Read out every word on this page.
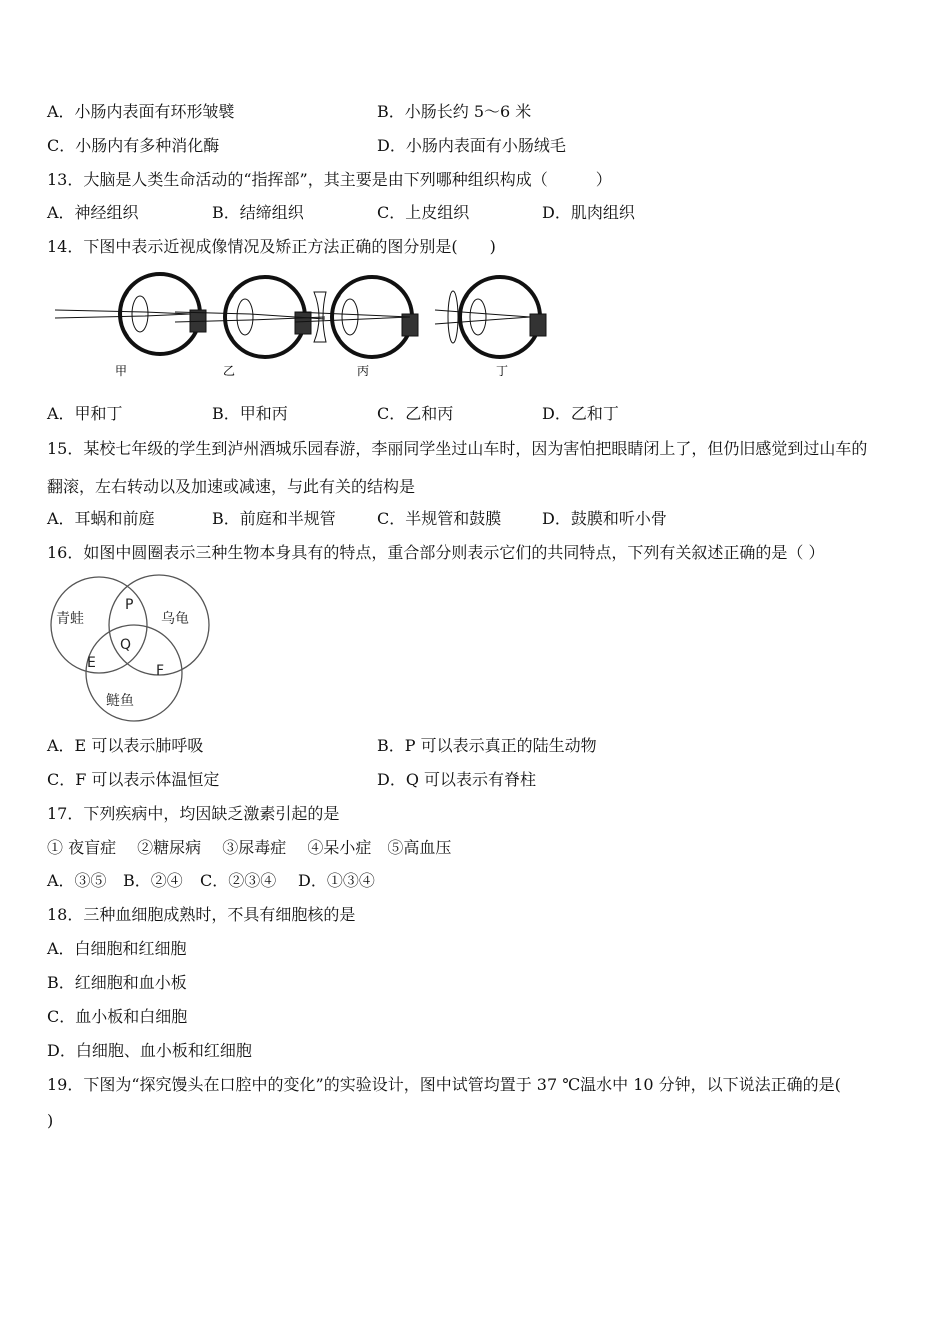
A．小肠内表面有环形皱襞	B．小肠长约 5～6 米
C．小肠内有多种消化酶	D．小肠内表面有小肠绒毛
13．大脑是人类生命活动的“指挥部”，其主要是由下列哪种组织构成（　　　）
A．神经组织	B．结缔组织	C．上皮组织	D．肌肉组织
14．下图中表示近视成像情况及矫正方法正确的图分别是(　　)
甲	乙	丙	丁
A．甲和丁	B．甲和丙	C．乙和丙	D．乙和丁
15．某校七年级的学生到泸州酒城乐园春游，李丽同学坐过山车时，因为害怕把眼睛闭上了，但仍旧感觉到过山车的
翻滚，左右转动以及加速或减速，与此有关的结构是
A．耳蜗和前庭	B．前庭和半规管	C．半规管和鼓膜	D．鼓膜和听小骨
16．如图中圆圈表示三种生物本身具有的特点，重合部分则表示它们的共同特点，下列有关叙述正确的是（ ）
青蛙	乌龟
鲢鱼
P
Q
E	F
A．E 可以表示肺呼吸	B．P 可以表示真正的陆生动物
C．F 可以表示体温恒定	D．Q 可以表示有脊柱
17．下列疾病中，均因缺乏激素引起的是
① 夜盲症　 ②糖尿病　 ③尿毒症　 ④呆小症　⑤高血压
A．③⑤ B．②④ C．②③④ D．①③④
18．三种血细胞成熟时，不具有细胞核的是
A．白细胞和红细胞
B．红细胞和血小板
C．血小板和白细胞
D．白细胞、血小板和红细胞
19．下图为“探究馒头在口腔中的变化”的实验设计，图中试管均置于 37 ℃温水中 10 分钟，以下说法正确的是(
)
